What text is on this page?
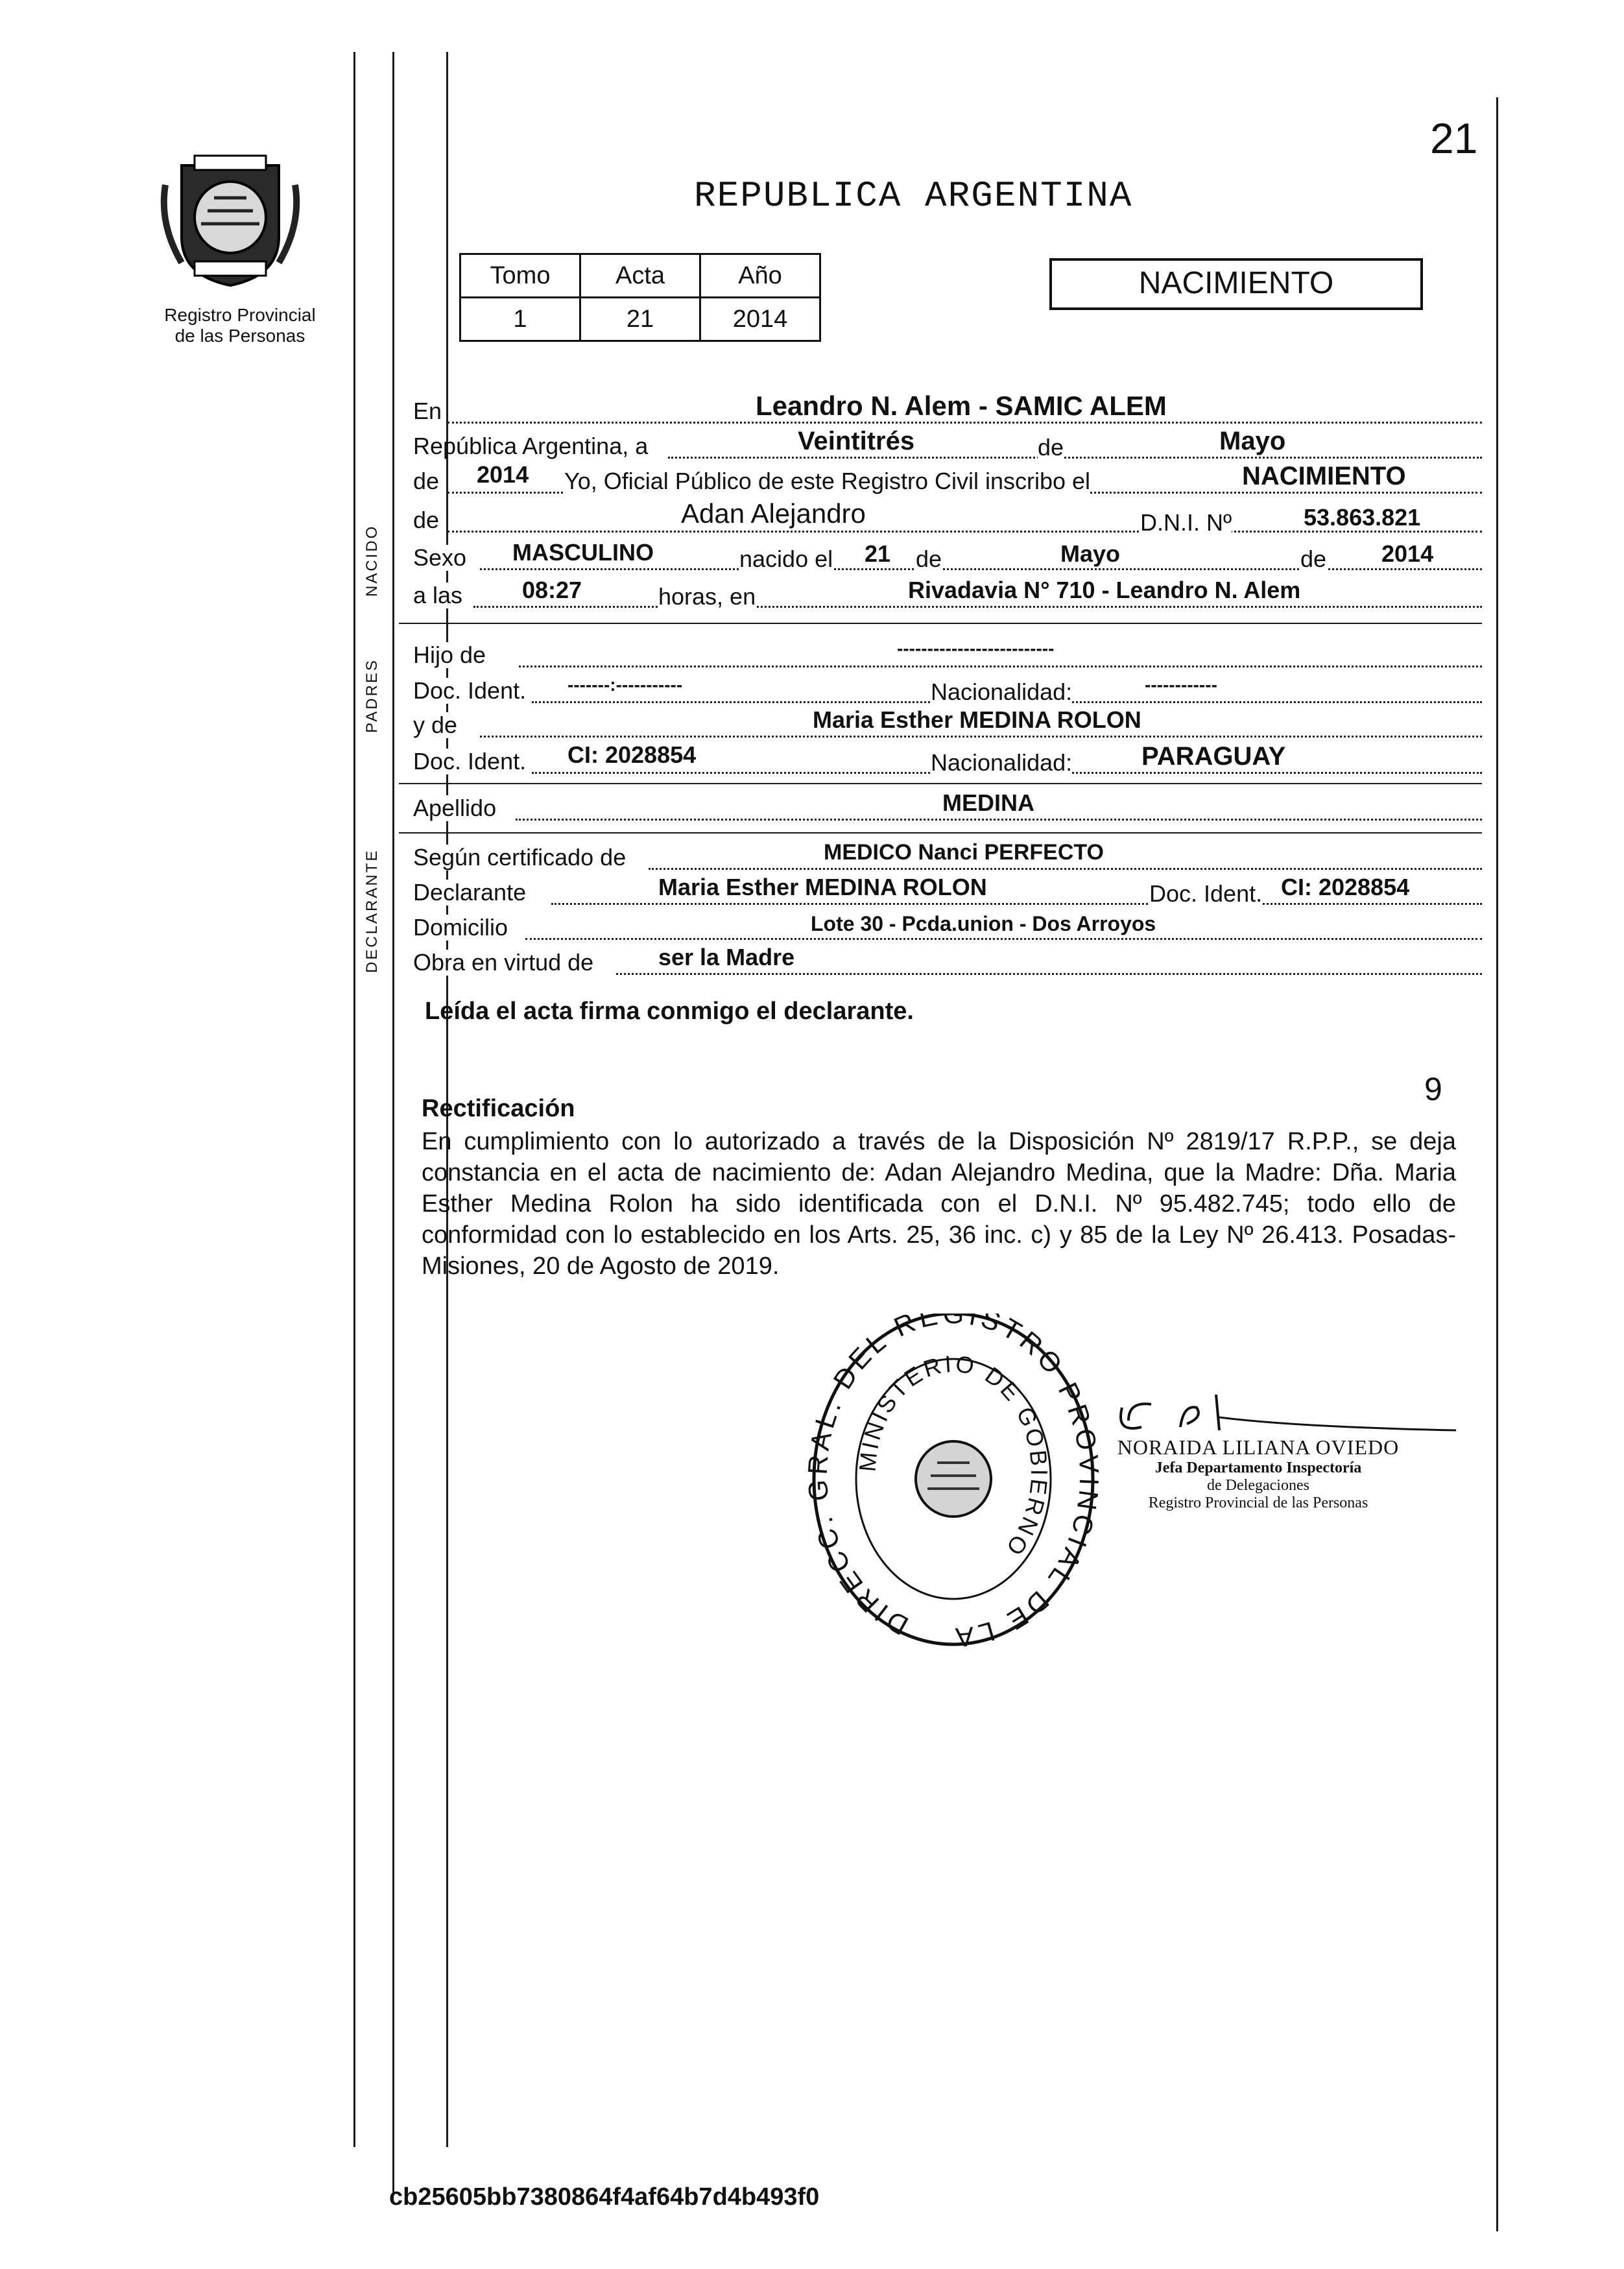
Registro Provincial
de las Personas
21
REPUBLICA ARGENTINA
Tomo	Acta	Año
1	21	2014
NACIMIENTO
NACIDO
PADRES
DECLARANTE
En	Leandro N. Alem - SAMIC ALEM
República Argentina, a	Veintitrés	de	Mayo
de 2014 Yo, Oficial Público de este Registro Civil inscribo el	NACIMIENTO
de	Adan Alejandro	D.N.I. Nº	53.863.821
Sexo MASCULINO	nacido el 21 de	Mayo	de 2014
a las	08:27	horas, en	Rivadavia N° 710 - Leandro N. Alem
Hijo de	--------------------------
Doc. Ident. -------:-----------	Nacionalidad:	------------
y de	Maria Esther MEDINA ROLON
Doc. Ident. CI: 2028854	Nacionalidad:	PARAGUAY
Apellido	MEDINA
Según certificado de	MEDICO Nanci PERFECTO
Declarante	Maria Esther MEDINA ROLON	Doc. Ident. CI: 2028854
Domicilio	Lote 30 - Pcda.union - Dos Arroyos
Obra en virtud de	ser la Madre
Leída el acta firma conmigo el declarante.
9
Rectificación
En cumplimiento con lo autorizado a través de la Disposición Nº 2819/17 R.P.P., se deja constancia en el acta de nacimiento de: Adan Alejandro Medina, que la Madre: Dña. Maria Esther Medina Rolon ha sido identificada con el D.N.I. Nº 95.482.745; todo ello de conformidad con lo establecido en los Arts. 25, 36 inc. c) y 85 de la Ley Nº 26.413. Posadas- Misiones, 20 de Agosto de 2019.
DIRECC. L. DEL REGISTRO PR CIAL DE LA
MINISTERIO DE GOBIERNO
NORAIDA LILIANA OVIEDO
Jefa Departamento Inspectoría
de Delegaciones
Registro Provincial de las Personas
cb25605bb7380864f4af64b7d4b493f0
